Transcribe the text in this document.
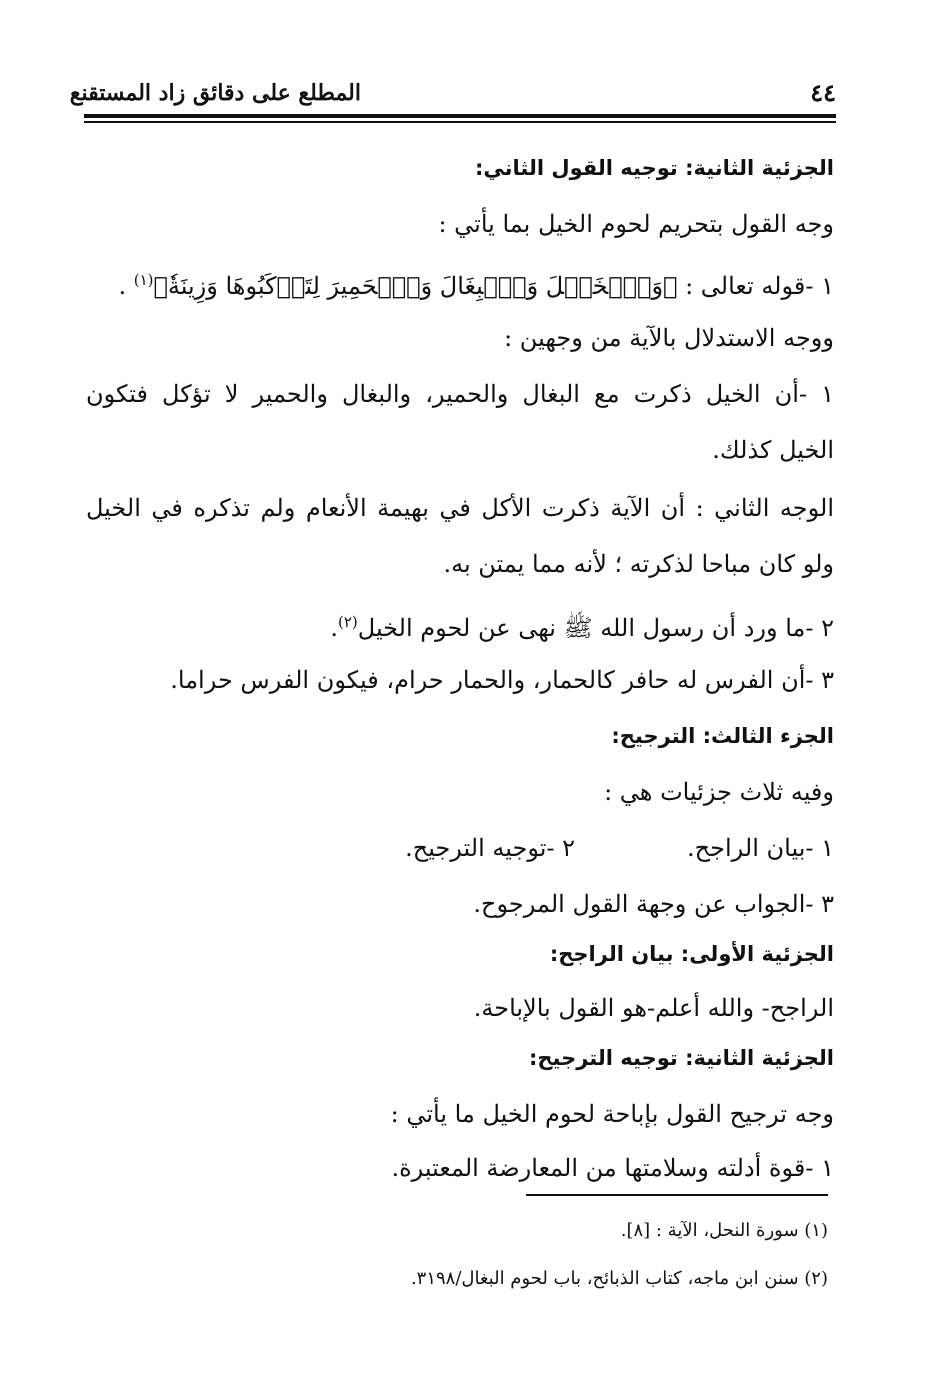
المطلع على دقائق زاد المستقنع	٤٤
الجزئية الثانية: توجيه القول الثاني:
وجه القول بتحريم لحوم الخيل بما يأتي :
١ -قوله تعالى : ﴿وَٱلۡخَيۡلَ وَٱلۡبِغَالَ وَٱلۡحَمِيرَ لِتَرۡكَبُوهَا وَزِينَةٗ﴾$^{(١)}$ .
ووجه الاستدلال بالآية من وجهين :
١ -أن الخيل ذكرت مع البغال والحمير، والبغال والحمير لا تؤكل فتكون
الخيل كذلك.
الوجه الثاني : أن الآية ذكرت الأكل في بهيمة الأنعام ولم تذكره في الخيل
ولو كان مباحا لذكرته ؛ لأنه مما يمتن به.
٢ -ما ورد أن رسول الله ﷺ نهى عن لحوم الخيل$^{(٢)}$.
٣ -أن الفرس له حافر كالحمار، والحمار حرام، فيكون الفرس حراما.
الجزء الثالث: الترجيح:
وفيه ثلاث جزئيات هي :
١ -بيان الراجح.٢ -توجيه الترجيح.
٣ -الجواب عن وجهة القول المرجوح.
الجزئية الأولى: بيان الراجح:
الراجح- والله أعلم-هو القول بالإباحة.
الجزئية الثانية: توجيه الترجيح:
وجه ترجيح القول بإباحة لحوم الخيل ما يأتي :
١ -قوة أدلته وسلامتها من المعارضة المعتبرة.
(١) سورة النحل، الآية : [٨].
(٢) سنن ابن ماجه، كتاب الذبائح، باب لحوم البغال/٣١٩٨.
